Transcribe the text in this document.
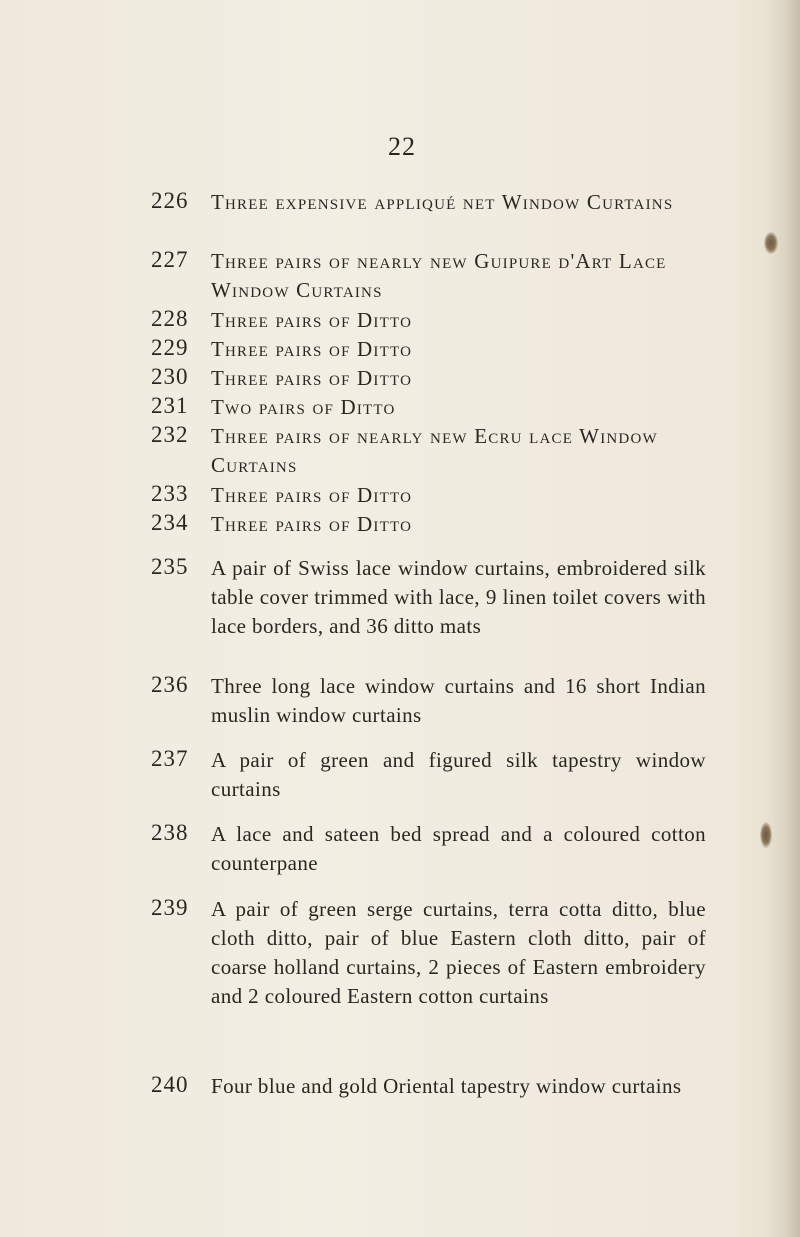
22
226 Three expensive appliqué net Window Curtains
227 Three pairs of nearly new Guipure d'Art Lace Window Curtains
228 Three pairs of Ditto
229 Three pairs of Ditto
230 Three pairs of Ditto
231 Two pairs of Ditto
232 Three pairs of nearly new Ecru lace Window Curtains
233 Three pairs of Ditto
234 Three pairs of Ditto
235 A pair of Swiss lace window curtains, embroidered silk table cover trimmed with lace, 9 linen toilet covers with lace borders, and 36 ditto mats
236 Three long lace window curtains and 16 short Indian muslin window curtains
237 A pair of green and figured silk tapestry window curtains
238 A lace and sateen bed spread and a coloured cotton counterpane
239 A pair of green serge curtains, terra cotta ditto, blue cloth ditto, pair of blue Eastern cloth ditto, pair of coarse holland curtains, 2 pieces of Eastern embroidery and 2 coloured Eastern cotton curtains
240 Four blue and gold Oriental tapestry window curtains
